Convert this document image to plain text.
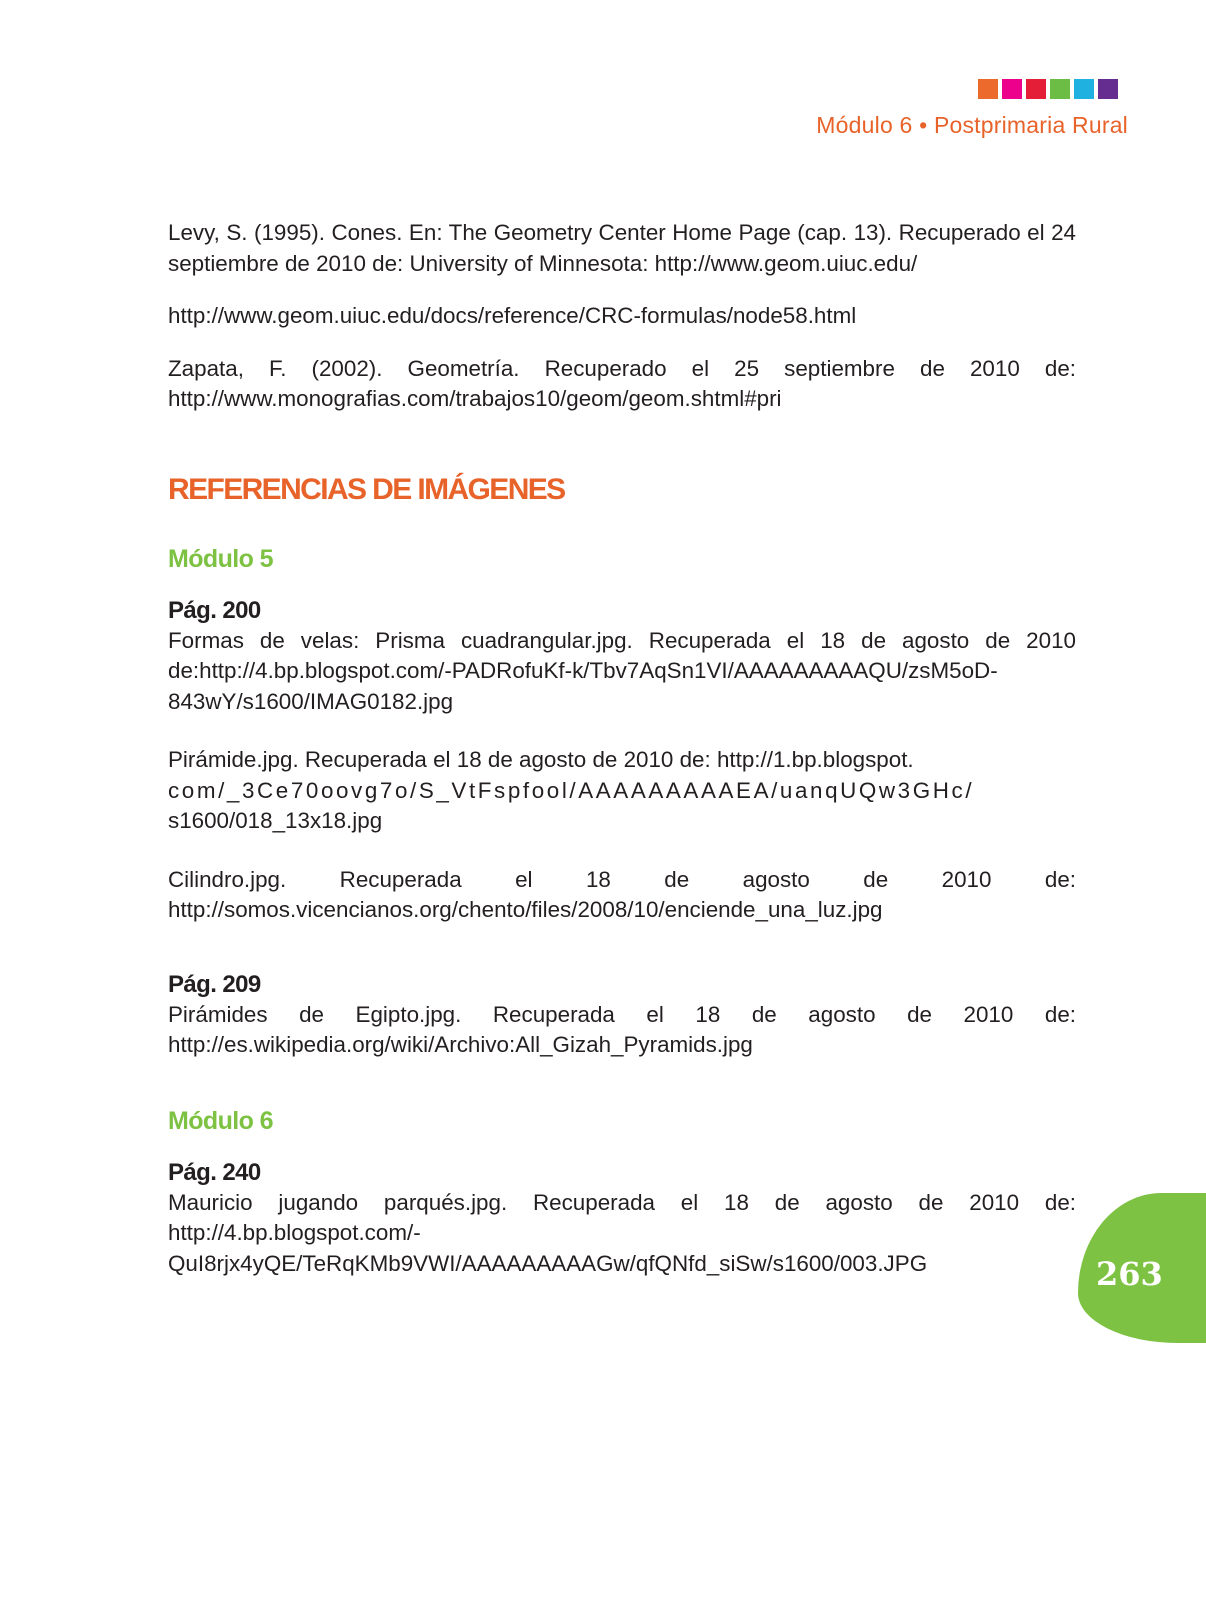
Módulo 6 • Postprimaria Rural

Levy, S. (1995). Cones. En: The Geometry Center Home Page (cap. 13). Recuperado el 24 septiembre de 2010 de: University of Minnesota: http://www.geom.uiuc.edu/

http://www.geom.uiuc.edu/docs/reference/CRC-formulas/node58.html

Zapata, F. (2002). Geometría. Recuperado el 25 septiembre de 2010 de: http://www.monografias.com/trabajos10/geom/geom.shtml#pri

REFERENCIAS DE IMÁGENES
Módulo 5

Pág. 200

Formas de velas: Prisma cuadrangular.jpg. Recuperada el 18 de agosto de 2010 de:http://4.bp.blogspot.com/-PADRofuKf-k/Tbv7AqSn1VI/AAAAAAAAAQU/zsM5oD-843wY/s1600/IMAG0182.jpg

Pirámide.jpg. Recuperada el 18 de agosto de 2010 de: http://1.bp.blogspot.

com/_3Ce70oovg7o/S_VtFspfool/AAAAAAAAAEA/uanqUQw3GHc/

s1600/018_13x18.jpg

Cilindro.jpg. Recuperada el 18 de agosto de 2010 de: http://somos.vicencianos.org/chento/files/2008/10/enciende_una_luz.jpg

Pág. 209

Pirámides de Egipto.jpg. Recuperada el 18 de agosto de 2010 de: http://es.wikipedia.org/wiki/Archivo:All_Gizah_Pyramids.jpg

Módulo 6

Pág. 240

Mauricio jugando parqués.jpg. Recuperada el 18 de agosto de 2010 de: http://4.bp.blogspot.com/-QuI8rjx4yQE/TeRqKMb9VWI/AAAAAAAAAGw/qfQNfd_siSw/s1600/003.JPG	263
